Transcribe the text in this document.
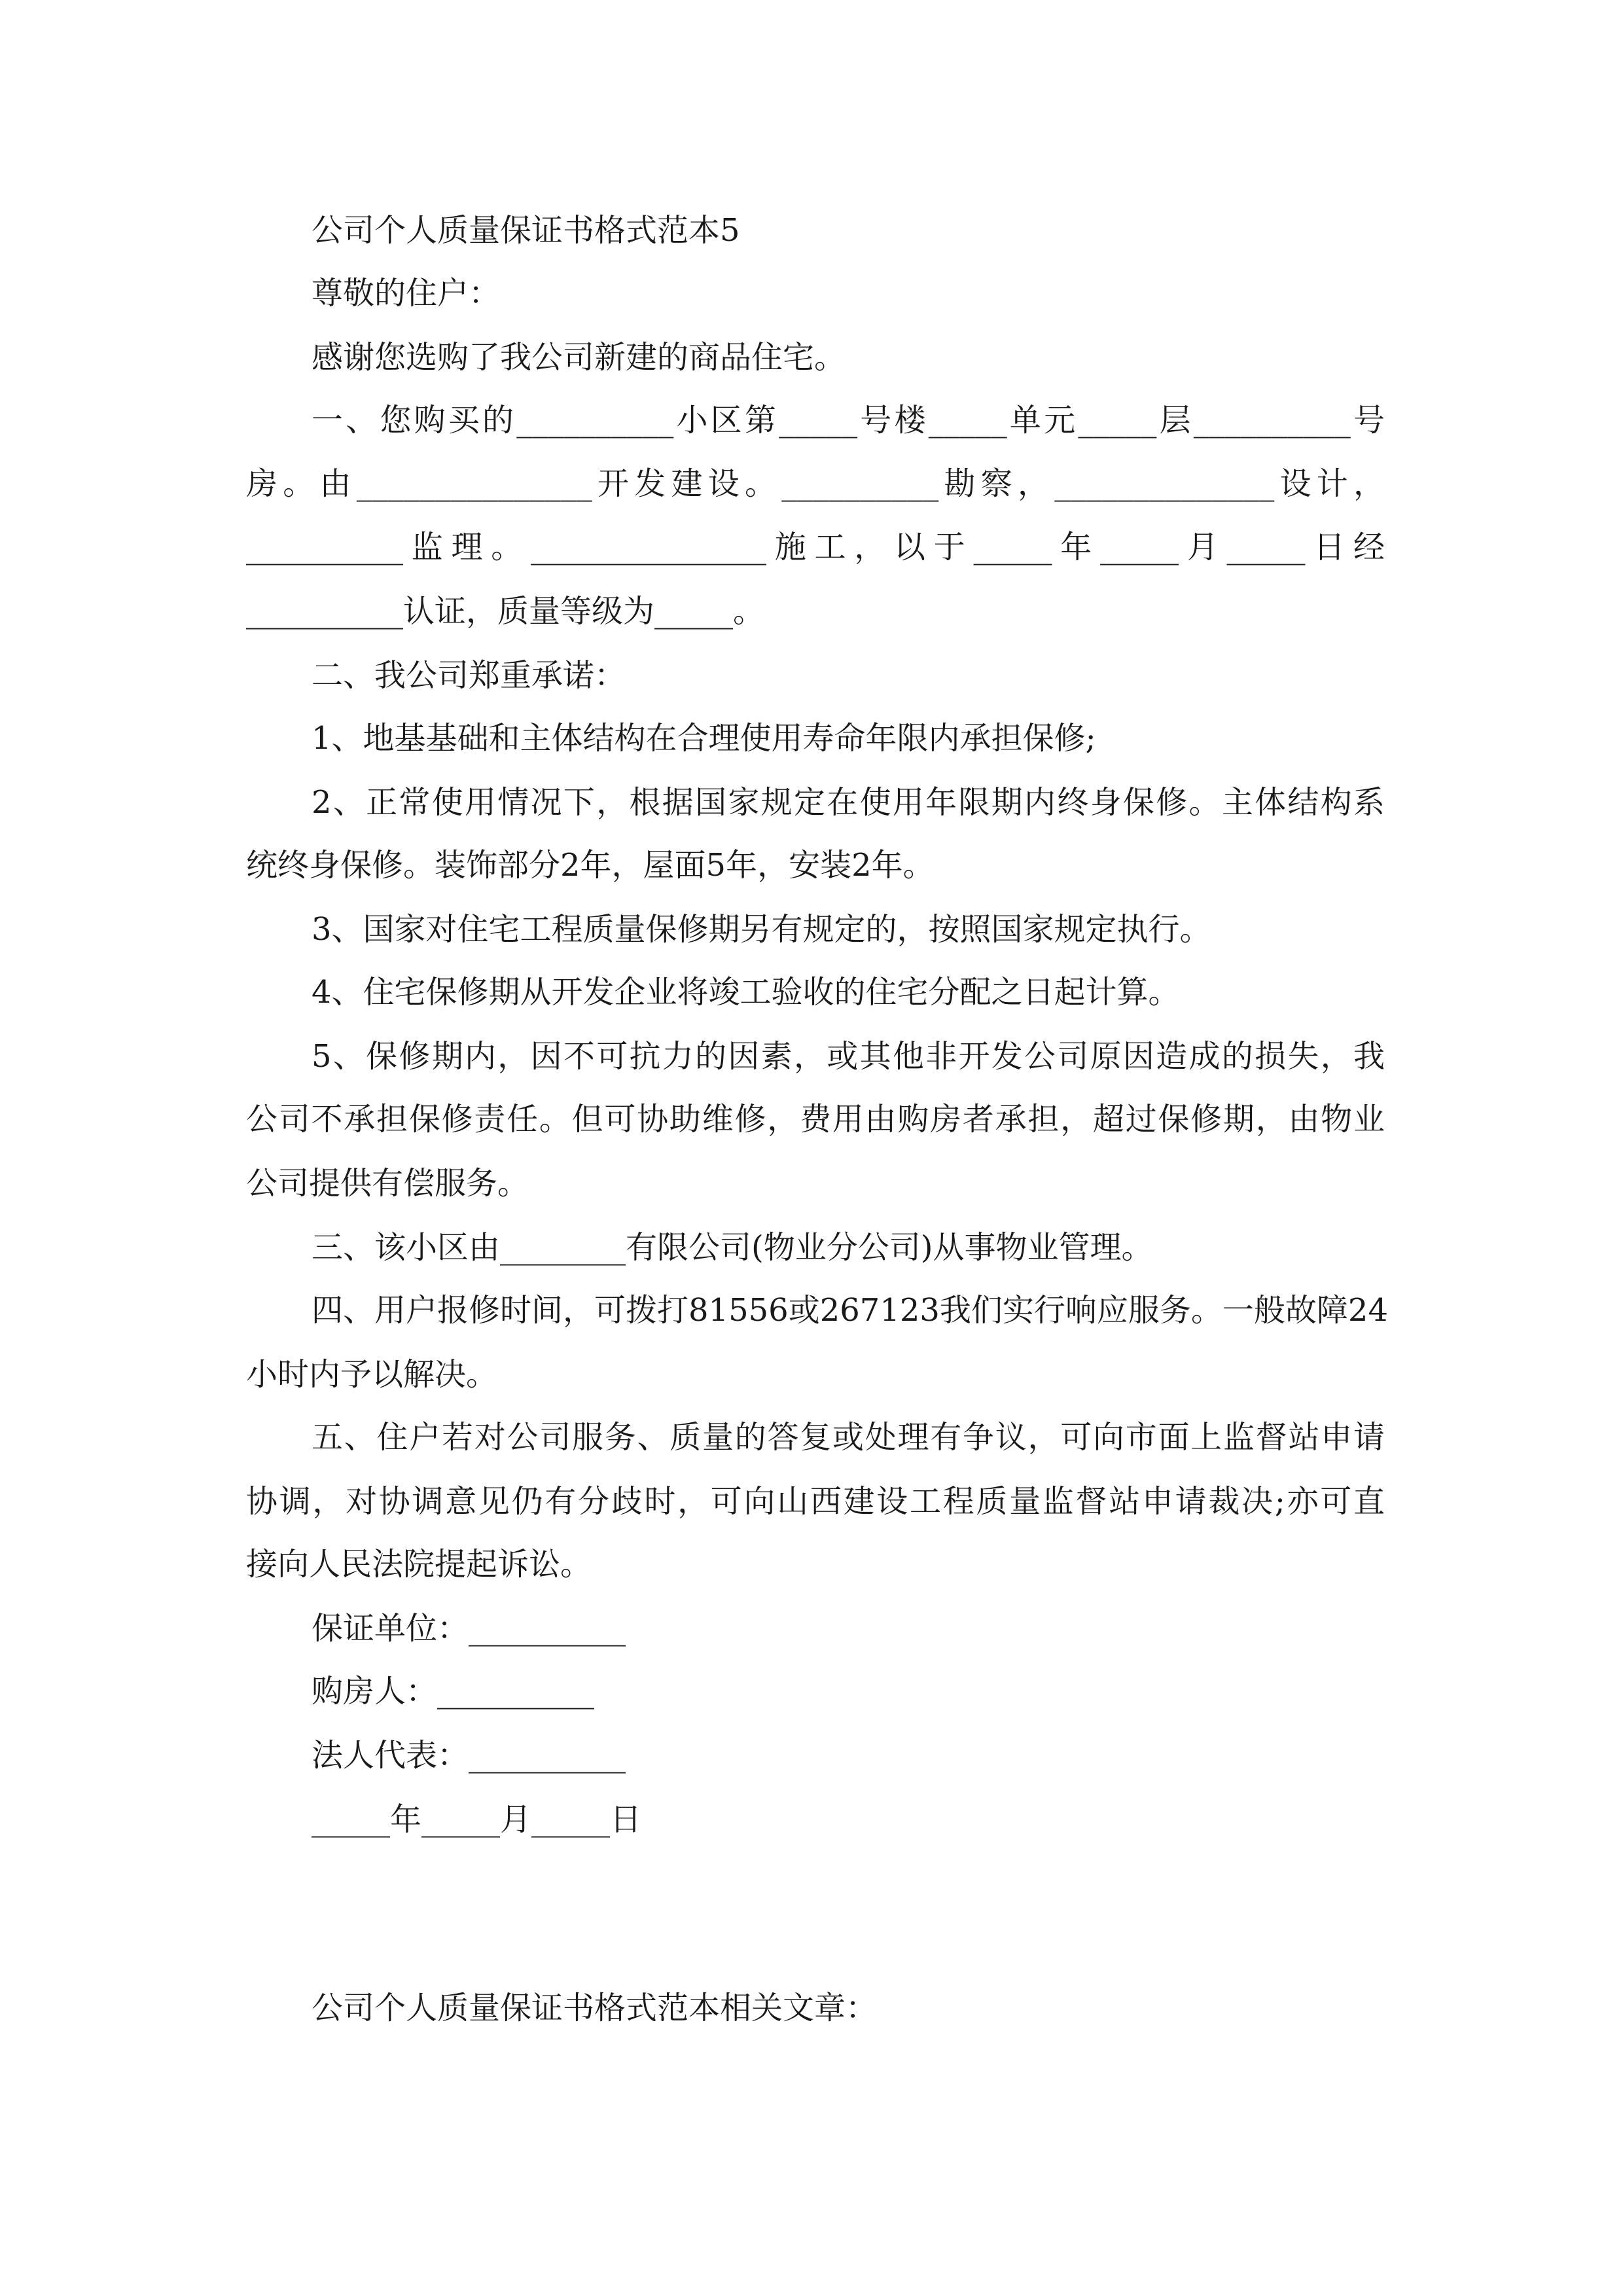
公司个人质量保证书格式范本5

尊敬的住户：

感谢您选购了我公司新建的商品住宅。

一、您购买的__________小区第_____号楼_____单元_____层__________号

房。由_______________开发建设。__________勘察，______________设计，

__________监理。_______________施工，以于_____年_____月_____日经

__________认证，质量等级为_____。

二、我公司郑重承诺：

1、地基基础和主体结构在合理使用寿命年限内承担保修;

2、正常使用情况下，根据国家规定在使用年限期内终身保修。主体结构系

统终身保修。装饰部分2年，屋面5年，安装2年。

3、国家对住宅工程质量保修期另有规定的，按照国家规定执行。

4、住宅保修期从开发企业将竣工验收的住宅分配之日起计算。

5、保修期内，因不可抗力的因素，或其他非开发公司原因造成的损失，我

公司不承担保修责任。但可协助维修，费用由购房者承担，超过保修期，由物业

公司提供有偿服务。

三、该小区由________有限公司(物业分公司)从事物业管理。

四、用户报修时间，可拨打81556或267123我们实行响应服务。一般故障24

小时内予以解决。

五、住户若对公司服务、质量的答复或处理有争议，可向市面上监督站申请

协调，对协调意见仍有分歧时，可向山西建设工程质量监督站申请裁决;亦可直

接向人民法院提起诉讼。

保证单位：__________

购房人：__________

法人代表：__________

_____年_____月_____日

公司个人质量保证书格式范本相关文章：
